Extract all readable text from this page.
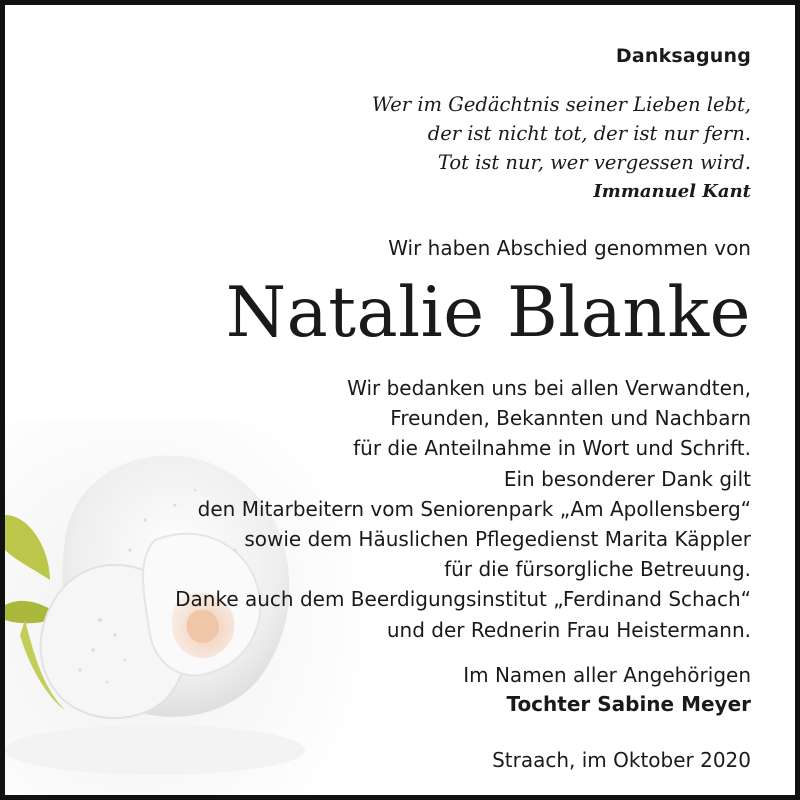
Danksagung
Wer im Gedächtnis seiner Lieben lebt,
der ist nicht tot, der ist nur fern.
Tot ist nur, wer vergessen wird.
Immanuel Kant
Wir haben Abschied genommen von
Natalie Blanke
Wir bedanken uns bei allen Verwandten,
Freunden, Bekannten und Nachbarn
für die Anteilnahme in Wort und Schrift.
Ein besonderer Dank gilt
den Mitarbeitern vom Seniorenpark „Am Apollensberg“
sowie dem Häuslichen Pflegedienst Marita Käppler
für die fürsorgliche Betreuung.
Danke auch dem Beerdigungsinstitut „Ferdinand Schach“
und der Rednerin Frau Heistermann.
Im Namen aller Angehörigen
Tochter Sabine Meyer
Straach, im Oktober 2020
